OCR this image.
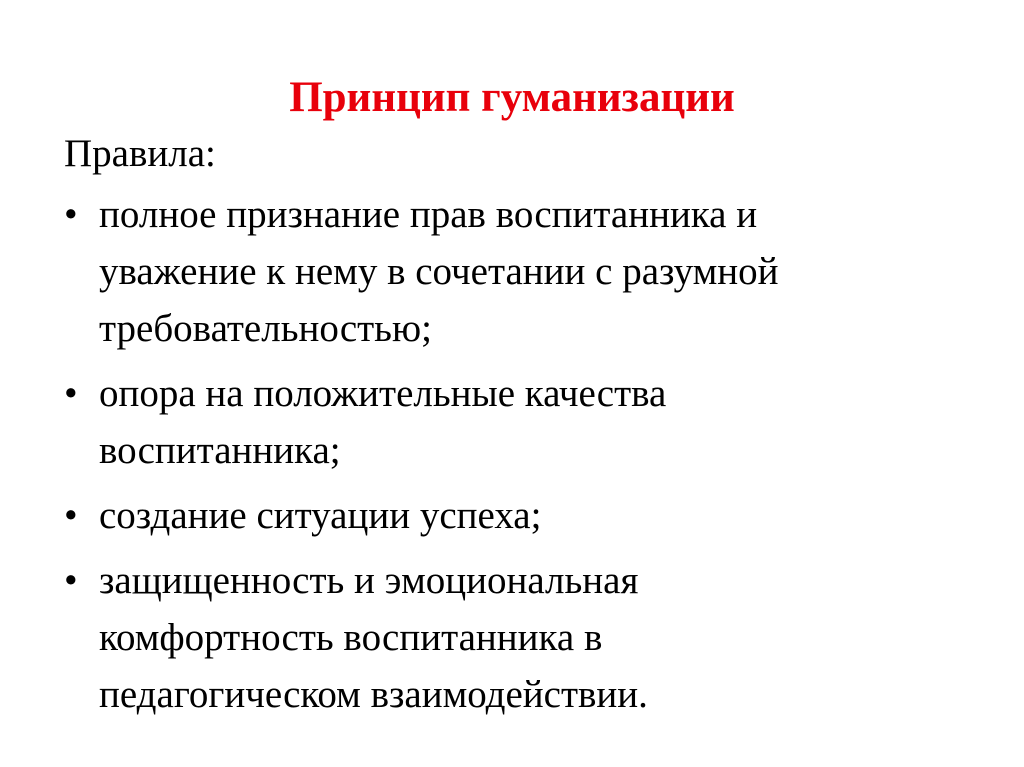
Принцип гуманизации

Правила:

• полное признание прав воспитанника и
уважение к нему в сочетании с разумной
требовательностью;
• опора на положительные качества
воспитанника;
• создание ситуации успеха;
• защищенность и эмоциональная
комфортность воспитанника в
педагогическом взаимодействии.
